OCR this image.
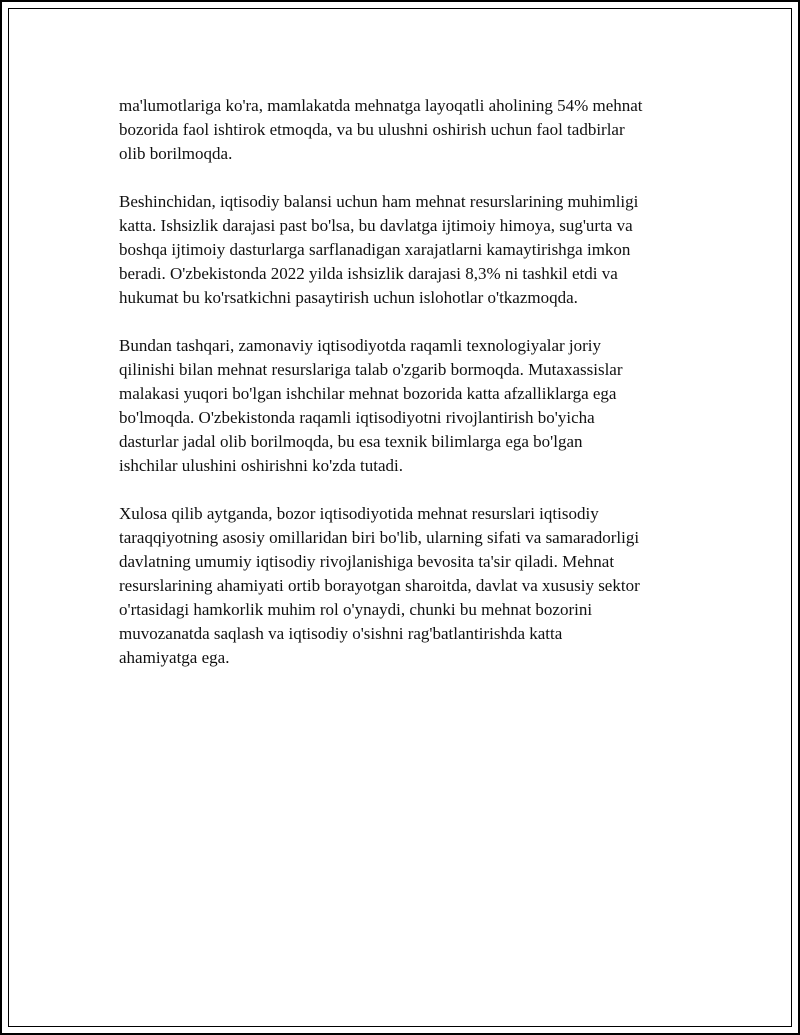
ma'lumotlariga ko'ra, mamlakatda mehnatga layoqatli aholining 54% mehnat
bozorida faol ishtirok etmoqda, va bu ulushni oshirish uchun faol tadbirlar
olib borilmoqda.

Beshinchidan, iqtisodiy balansi uchun ham mehnat resurslarining muhimligi
katta. Ishsizlik darajasi past bo'lsa, bu davlatga ijtimoiy himoya, sug'urta va
boshqa ijtimoiy dasturlarga sarflanadigan xarajatlarni kamaytirishga imkon
beradi. O'zbekistonda 2022 yilda ishsizlik darajasi 8,3% ni tashkil etdi va
hukumat bu ko'rsatkichni pasaytirish uchun islohotlar o'tkazmoqda.

Bundan tashqari, zamonaviy iqtisodiyotda raqamli texnologiyalar joriy
qilinishi bilan mehnat resurslariga talab o'zgarib bormoqda. Mutaxassislar
malakasi yuqori bo'lgan ishchilar mehnat bozorida katta afzalliklarga ega
bo'lmoqda. O'zbekistonda raqamli iqtisodiyotni rivojlantirish bo'yicha
dasturlar jadal olib borilmoqda, bu esa texnik bilimlarga ega bo'lgan
ishchilar ulushini oshirishni ko'zda tutadi.

Xulosa qilib aytganda, bozor iqtisodiyotida mehnat resurslari iqtisodiy
taraqqiyotning asosiy omillaridan biri bo'lib, ularning sifati va samaradorligi
davlatning umumiy iqtisodiy rivojlanishiga bevosita ta'sir qiladi. Mehnat
resurslarining ahamiyati ortib borayotgan sharoitda, davlat va xususiy sektor
o'rtasidagi hamkorlik muhim rol o'ynaydi, chunki bu mehnat bozorini
muvozanatda saqlash va iqtisodiy o'sishni rag'batlantirishda katta
ahamiyatga ega.
